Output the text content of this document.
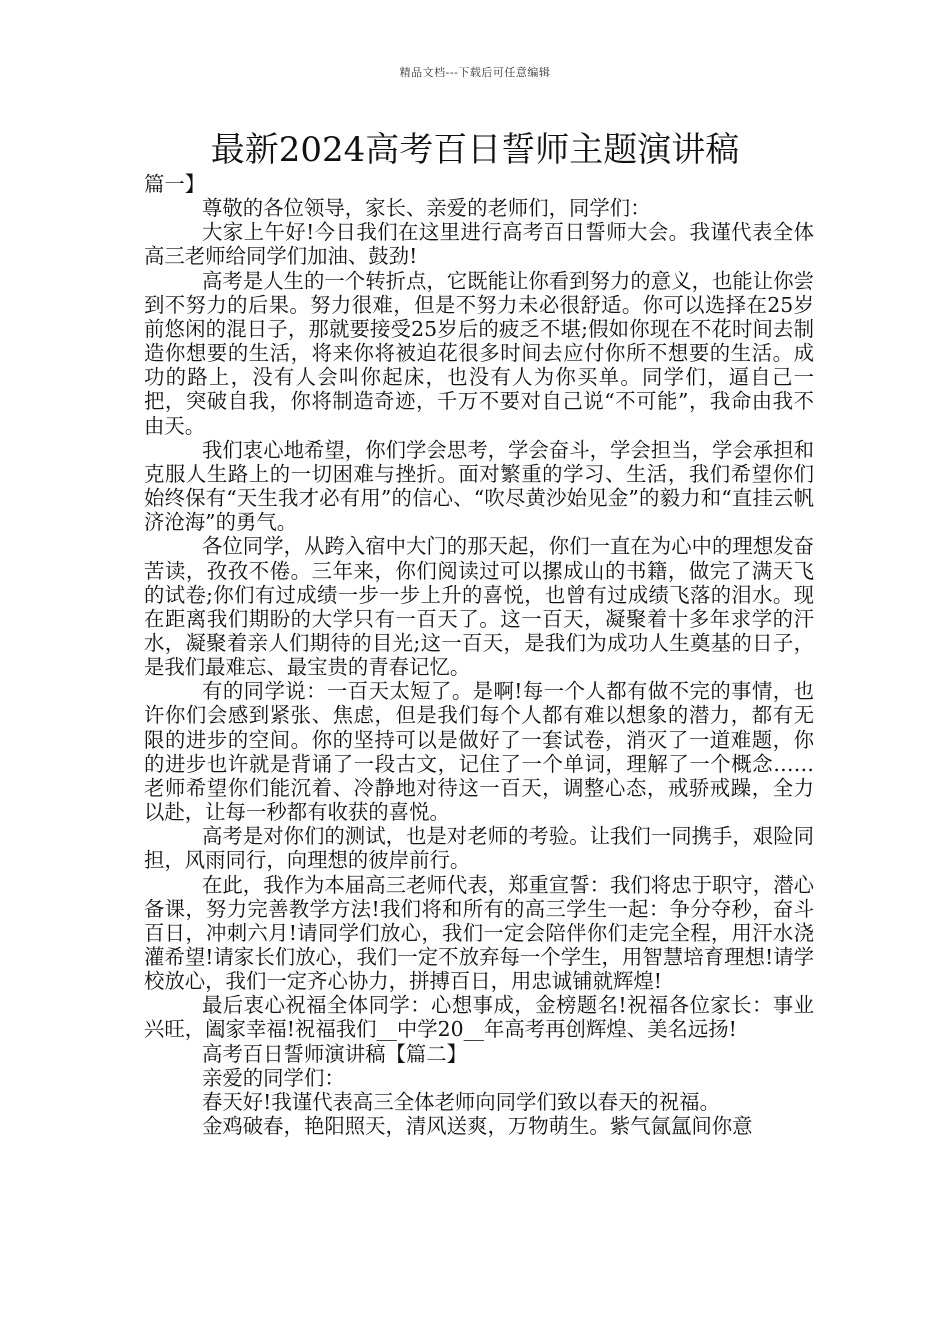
精品文档---下载后可任意编辑
最新2024高考百日誓师主题演讲稿

篇一】

尊敬的各位领导，家长、亲爱的老师们，同学们：

大家上午好!今日我们在这里进行高考百日誓师大会。我谨代表全体高三老师给同学们加油、鼓劲!

高考是人生的一个转折点，它既能让你看到努力的意义，也能让你尝到不努力的后果。努力很难，但是不努力未必很舒适。你可以选择在25岁前悠闲的混日子，那就要接受25岁后的疲乏不堪;假如你现在不花时间去制造你想要的生活，将来你将被迫花很多时间去应付你所不想要的生活。成功的路上，没有人会叫你起床，也没有人为你买单。同学们，逼自己一把，突破自我，你将制造奇迹，千万不要对自己说“不可能”，我命由我不由天。

我们衷心地希望，你们学会思考，学会奋斗，学会担当，学会承担和克服人生路上的一切困难与挫折。面对繁重的学习、生活，我们希望你们始终保有“天生我才必有用”的信心、“吹尽黄沙始见金”的毅力和“直挂云帆济沧海”的勇气。

各位同学，从跨入宿中大门的那天起，你们一直在为心中的理想发奋苦读，孜孜不倦。三年来，你们阅读过可以摞成山的书籍，做完了满天飞的试卷;你们有过成绩一步一步上升的喜悦，也曾有过成绩飞落的泪水。现在距离我们期盼的大学只有一百天了。这一百天，凝聚着十多年求学的汗水，凝聚着亲人们期待的目光;这一百天，是我们为成功人生奠基的日子，是我们最难忘、最宝贵的青春记忆。

有的同学说：一百天太短了。是啊!每一个人都有做不完的事情，也许你们会感到紧张、焦虑，但是我们每个人都有难以想象的潜力，都有无限的进步的空间。你的坚持可以是做好了一套试卷，消灭了一道难题，你的进步也许就是背诵了一段古文，记住了一个单词，理解了一个概念……老师希望你们能沉着、冷静地对待这一百天，调整心态，戒骄戒躁，全力以赴，让每一秒都有收获的喜悦。

高考是对你们的测试，也是对老师的考验。让我们一同携手，艰险同担，风雨同行，向理想的彼岸前行。

在此，我作为本届高三老师代表，郑重宣誓：我们将忠于职守，潜心备课，努力完善教学方法!我们将和所有的高三学生一起：争分夺秒，奋斗百日，冲刺六月!请同学们放心，我们一定会陪伴你们走完全程，用汗水浇灌希望!请家长们放心，我们一定不放弃每一个学生，用智慧培育理想!请学校放心，我们一定齐心协力，拼搏百日，用忠诚铺就辉煌!

最后衷心祝福全体同学：心想事成，金榜题名!祝福各位家长：事业兴旺，阖家幸福!祝福我们__中学20__年高考再创辉煌、美名远扬!

高考百日誓师演讲稿【篇二】

亲爱的同学们：

春天好!我谨代表高三全体老师向同学们致以春天的祝福。

金鸡破春，艳阳照天，清风送爽，万物萌生。紫气氤氲间你意
